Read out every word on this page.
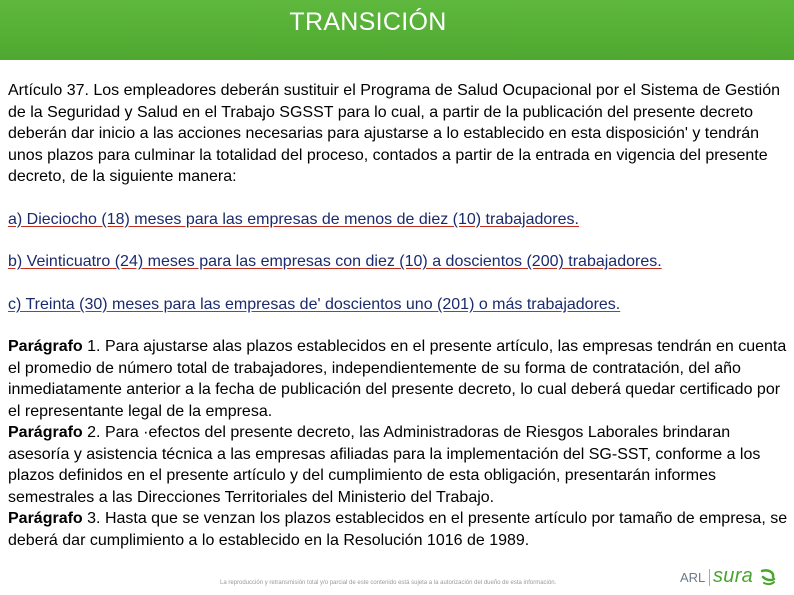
TRANSICIÓN

Artículo 37. Los empleadores deberán sustituir el Programa de Salud Ocupacional por el Sistema de Gestión de la Seguridad y Salud en el Trabajo SGSST para lo cual, a partir de la publicación del presente decreto deberán dar inicio a las acciones necesarias para ajustarse a lo establecido en esta disposición' y tendrán unos plazos para culminar la totalidad del proceso, contados a partir de la entrada en vigencia del presente decreto, de la siguiente manera:

a) Dieciocho (18) meses para las empresas de menos de diez (10) trabajadores.

b) Veinticuatro (24) meses para las empresas con diez (10) a doscientos (200) trabajadores.

c) Treinta (30) meses para las empresas de' doscientos uno (201) o más trabajadores.

Parágrafo 1. Para ajustarse alas plazos establecidos en el presente artículo, las empresas tendrán en cuenta el promedio de número total de trabajadores, independientemente de su forma de contratación, del año inmediatamente anterior a la fecha de publicación del presente decreto, lo cual deberá quedar certificado por el representante legal de la empresa.

Parágrafo 2. Para ·efectos del presente decreto, las Administradoras de Riesgos Laborales brindaran asesoría y asistencia técnica a las empresas afiliadas para la implementación del SG-SST, conforme a los plazos definidos en el presente artículo y del cumplimiento de esta obligación, presentarán informes semestrales a las Direcciones Territoriales del Ministerio del Trabajo.

Parágrafo 3. Hasta que se venzan los plazos establecidos en el presente artículo por tamaño de empresa, se deberá dar cumplimiento a lo establecido en la Resolución 1016 de 1989.

La reproducción y retransmisión total y/o parcial de este contenido está sujeta a la autorización del dueño de esta información.	ARL sura
